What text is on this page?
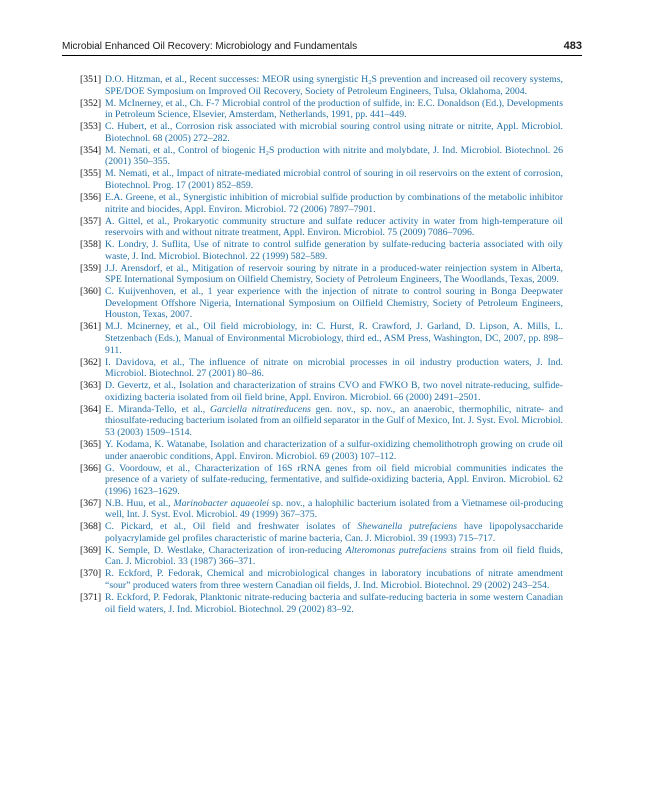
Microbial Enhanced Oil Recovery: Microbiology and Fundamentals	483
[351] D.O. Hitzman, et al., Recent successes: MEOR using synergistic H₂S prevention and increased oil recovery systems, SPE/DOE Symposium on Improved Oil Recovery, Society of Petroleum Engineers, Tulsa, Oklahoma, 2004.
[352] M. McInerney, et al., Ch. F-7 Microbial control of the production of sulfide, in: E.C. Donaldson (Ed.), Developments in Petroleum Science, Elsevier, Amsterdam, Netherlands, 1991, pp. 441–449.
[353] C. Hubert, et al., Corrosion risk associated with microbial souring control using nitrate or nitrite, Appl. Microbiol. Biotechnol. 68 (2005) 272–282.
[354] M. Nemati, et al., Control of biogenic H₂S production with nitrite and molybdate, J. Ind. Microbiol. Biotechnol. 26 (2001) 350–355.
[355] M. Nemati, et al., Impact of nitrate-mediated microbial control of souring in oil reservoirs on the extent of corrosion, Biotechnol. Prog. 17 (2001) 852–859.
[356] E.A. Greene, et al., Synergistic inhibition of microbial sulfide production by combinations of the metabolic inhibitor nitrite and biocides, Appl. Environ. Microbiol. 72 (2006) 7897–7901.
[357] A. Gittel, et al., Prokaryotic community structure and sulfate reducer activity in water from high-temperature oil reservoirs with and without nitrate treatment, Appl. Environ. Microbiol. 75 (2009) 7086–7096.
[358] K. Londry, J. Suflita, Use of nitrate to control sulfide generation by sulfate-reducing bacteria associated with oily waste, J. Ind. Microbiol. Biotechnol. 22 (1999) 582–589.
[359] J.J. Arensdorf, et al., Mitigation of reservoir souring by nitrate in a produced-water reinjection system in Alberta, SPE International Symposium on Oilfield Chemistry, Society of Petroleum Engineers, The Woodlands, Texas, 2009.
[360] C. Kuijvenhoven, et al., 1 year experience with the injection of nitrate to control souring in Bonga Deepwater Development Offshore Nigeria, International Symposium on Oilfield Chemistry, Society of Petroleum Engineers, Houston, Texas, 2007.
[361] M.J. Mcinerney, et al., Oil field microbiology, in: C. Hurst, R. Crawford, J. Garland, D. Lipson, A. Mills, L. Stetzenbach (Eds.), Manual of Environmental Microbiology, third ed., ASM Press, Washington, DC, 2007, pp. 898–911.
[362] I. Davidova, et al., The influence of nitrate on microbial processes in oil industry production waters, J. Ind. Microbiol. Biotechnol. 27 (2001) 80–86.
[363] D. Gevertz, et al., Isolation and characterization of strains CVO and FWKO B, two novel nitrate-reducing, sulfide-oxidizing bacteria isolated from oil field brine, Appl. Environ. Microbiol. 66 (2000) 2491–2501.
[364] E. Miranda-Tello, et al., Garciella nitratireducens gen. nov., sp. nov., an anaerobic, thermophilic, nitrate- and thiosulfate-reducing bacterium isolated from an oilfield separator in the Gulf of Mexico, Int. J. Syst. Evol. Microbiol. 53 (2003) 1509–1514.
[365] Y. Kodama, K. Watanabe, Isolation and characterization of a sulfur-oxidizing chemolithotroph growing on crude oil under anaerobic conditions, Appl. Environ. Microbiol. 69 (2003) 107–112.
[366] G. Voordouw, et al., Characterization of 16S rRNA genes from oil field microbial communities indicates the presence of a variety of sulfate-reducing, fermentative, and sulfide-oxidizing bacteria, Appl. Environ. Microbiol. 62 (1996) 1623–1629.
[367] N.B. Huu, et al., Marinobacter aquaeolei sp. nov., a halophilic bacterium isolated from a Vietnamese oil-producing well, Int. J. Syst. Evol. Microbiol. 49 (1999) 367–375.
[368] C. Pickard, et al., Oil field and freshwater isolates of Shewanella putrefaciens have lipopolysaccharide polyacrylamide gel profiles characteristic of marine bacteria, Can. J. Microbiol. 39 (1993) 715–717.
[369] K. Semple, D. Westlake, Characterization of iron-reducing Alteromonas putrefaciens strains from oil field fluids, Can. J. Microbiol. 33 (1987) 366–371.
[370] R. Eckford, P. Fedorak, Chemical and microbiological changes in laboratory incubations of nitrate amendment “sour” produced waters from three western Canadian oil fields, J. Ind. Microbiol. Biotechnol. 29 (2002) 243–254.
[371] R. Eckford, P. Fedorak, Planktonic nitrate-reducing bacteria and sulfate-reducing bacteria in some western Canadian oil field waters, J. Ind. Microbiol. Biotechnol. 29 (2002) 83–92.
